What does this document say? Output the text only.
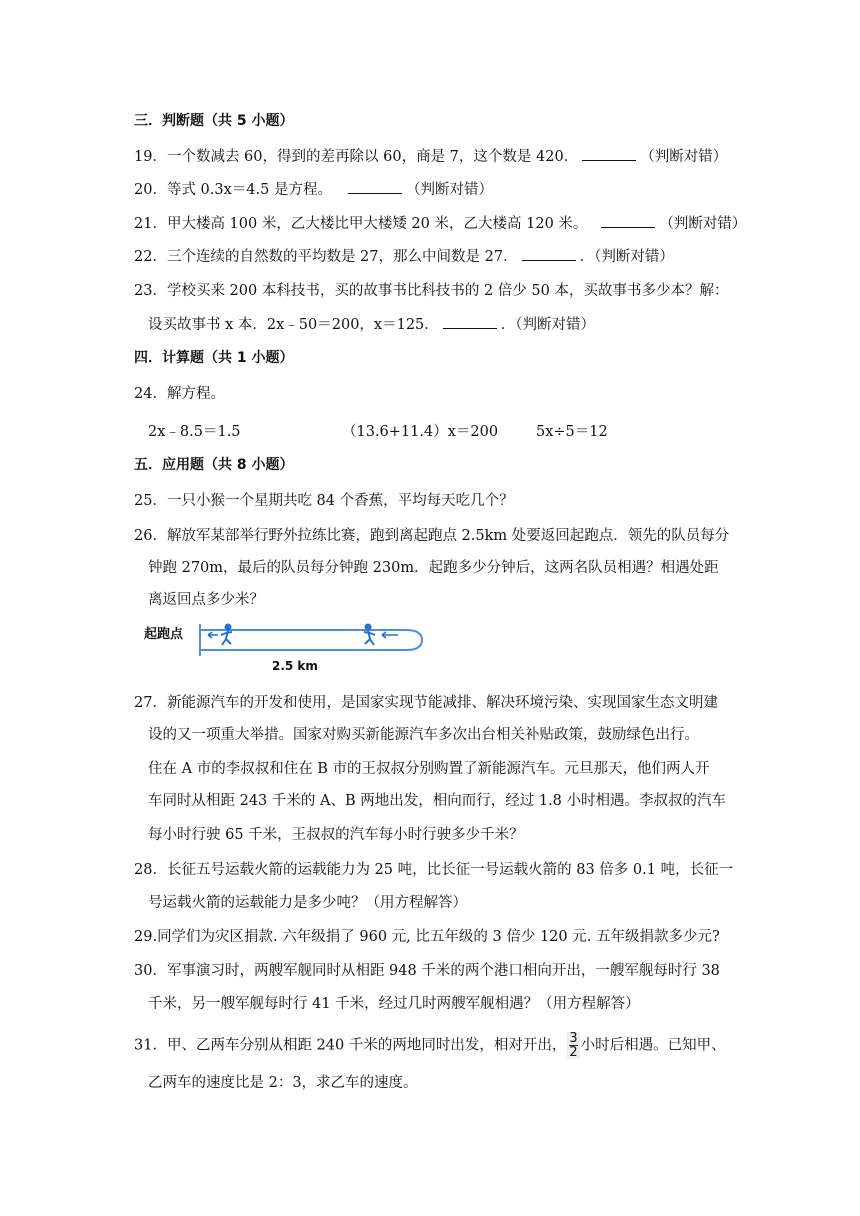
三．判断题（共 5 小题）
19．一个数减去 60，得到的差再除以 60，商是 7，这个数是 420．	（判断对错）
20．等式 0.3x＝4.5 是方程。	（判断对错）
21．甲大楼高 100 米，乙大楼比甲大楼矮 20 米，乙大楼高 120 米。	（判断对错）
22．三个连续的自然数的平均数是 27，那么中间数是 27．	．（判断对错）
23．学校买来 200 本科技书，买的故事书比科技书的 2 倍少 50 本，买故事书多少本？解：
设买故事书 x 本．2x﹣50＝200，x＝125．	．（判断对错）
四．计算题（共 1 小题）
24．解方程。
2x﹣8.5＝1.5	（13.6+11.4）x＝200	5x÷5＝12
五．应用题（共 8 小题）
25．一只小猴一个星期共吃 84 个香蕉，平均每天吃几个？
26．解放军某部举行野外拉练比赛，跑到离起跑点 2.5km 处要返回起跑点．领先的队员每分
钟跑 270m，最后的队员每分钟跑 230m．起跑多少分钟后，这两名队员相遇？相遇处距
离返回点多少米？
起跑点
2.5 km
27．新能源汽车的开发和使用，是国家实现节能减排、解决环境污染、实现国家生态文明建
设的又一项重大举措。国家对购买新能源汽车多次出台相关补贴政策，鼓励绿色出行。
住在 A 市的李叔叔和住在 B 市的王叔叔分别购置了新能源汽车。元旦那天，他们两人开
车同时从相距 243 千米的 A、B 两地出发，相向而行，经过 1.8 小时相遇。李叔叔的汽车
每小时行驶 65 千米，王叔叔的汽车每小时行驶多少千米？
28．长征五号运载火箭的运载能力为 25 吨，比长征一号运载火箭的 83 倍多 0.1 吨，长征一
号运载火箭的运载能力是多少吨？（用方程解答）
29.同学们为灾区捐款. 六年级捐了 960 元, 比五年级的 3 倍少 120 元. 五年级捐款多少元?
30．军事演习时，两艘军舰同时从相距 948 千米的两个港口相向开出，一艘军舰每时行 38
千米，另一艘军舰每时行 41 千米，经过几时两艘军舰相遇？（用方程解答）
31．甲、乙两车分别从相距 240 千米的两地同时出发，相对开出， $\frac{3}{2}$ 小时后相遇。已知甲、
乙两车的速度比是 2：3，求乙车的速度。
